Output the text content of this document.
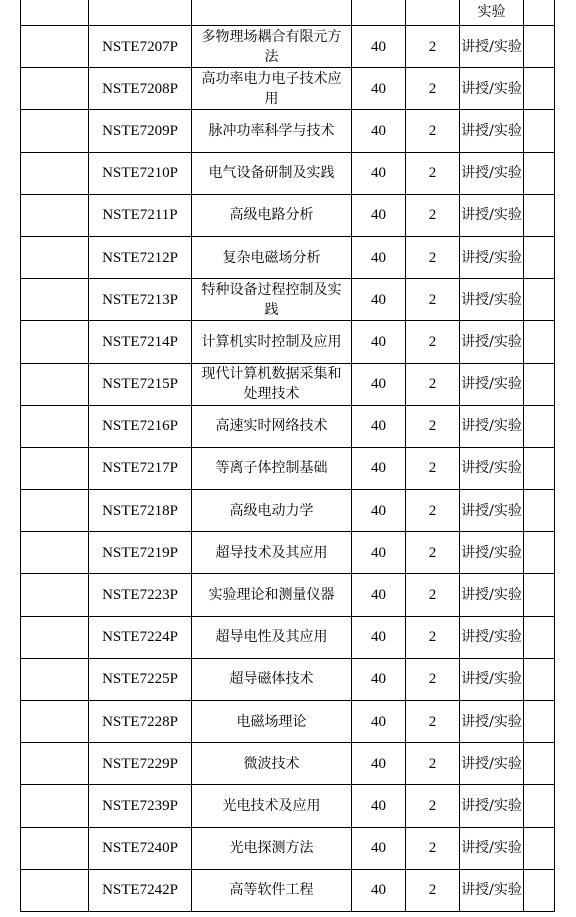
					实验	
	NSTE7207P	多物理场耦合有限元方法	40	2	讲授/实验	
	NSTE7208P	高功率电力电子技术应用	40	2	讲授/实验	
	NSTE7209P	脉冲功率科学与技术	40	2	讲授/实验	
	NSTE7210P	电气设备研制及实践	40	2	讲授/实验	
	NSTE7211P	高级电路分析	40	2	讲授/实验	
	NSTE7212P	复杂电磁场分析	40	2	讲授/实验	
	NSTE7213P	特种设备过程控制及实践	40	2	讲授/实验	
	NSTE7214P	计算机实时控制及应用	40	2	讲授/实验	
	NSTE7215P	现代计算机数据采集和处理技术	40	2	讲授/实验	
	NSTE7216P	高速实时网络技术	40	2	讲授/实验	
	NSTE7217P	等离子体控制基础	40	2	讲授/实验	
	NSTE7218P	高级电动力学	40	2	讲授/实验	
	NSTE7219P	超导技术及其应用	40	2	讲授/实验	
	NSTE7223P	实验理论和测量仪器	40	2	讲授/实验	
	NSTE7224P	超导电性及其应用	40	2	讲授/实验	
	NSTE7225P	超导磁体技术	40	2	讲授/实验	
	NSTE7228P	电磁场理论	40	2	讲授/实验	
	NSTE7229P	微波技术	40	2	讲授/实验	
	NSTE7239P	光电技术及应用	40	2	讲授/实验	
	NSTE7240P	光电探测方法	40	2	讲授/实验	
	NSTE7242P	高等软件工程	40	2	讲授/实验	
